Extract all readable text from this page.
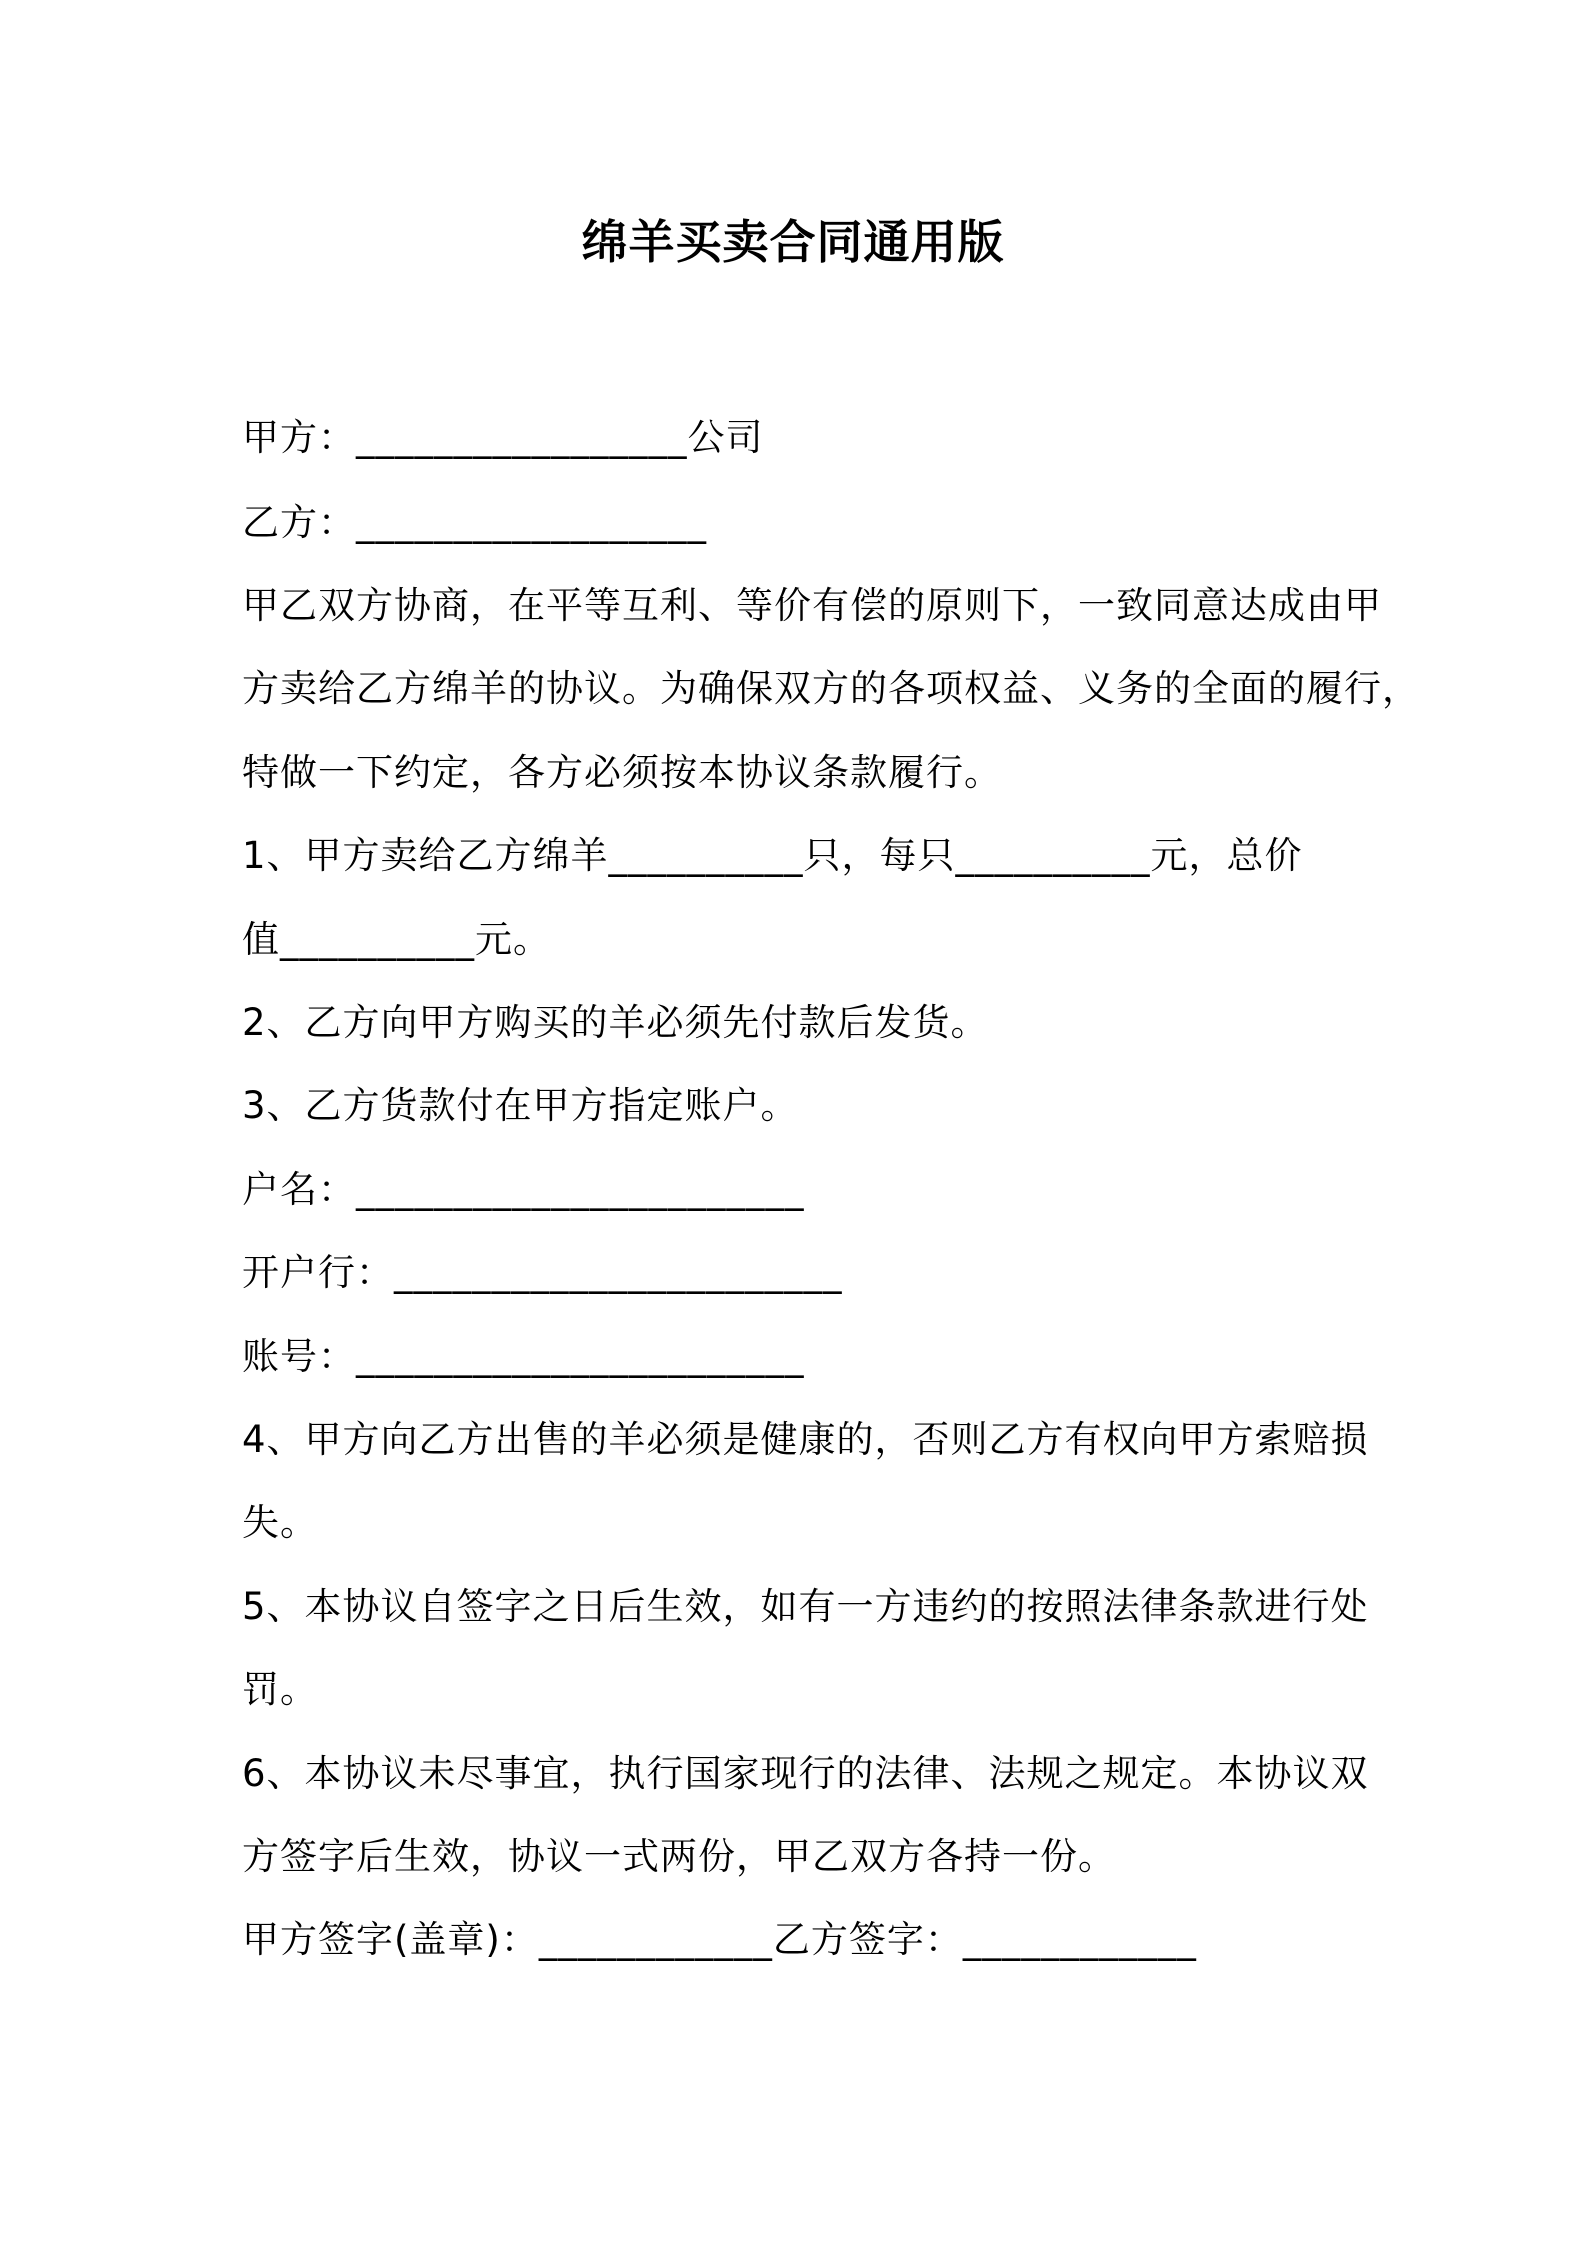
绵羊买卖合同通用版
甲方：_________________公司
乙方：__________________
甲乙双方协商，在平等互利、等价有偿的原则下，一致同意达成由甲
方卖给乙方绵羊的协议。为确保双方的各项权益、义务的全面的履行，
特做一下约定，各方必须按本协议条款履行。
1、甲方卖给乙方绵羊__________只，每只__________元，总价
值__________元。
2、乙方向甲方购买的羊必须先付款后发货。
3、乙方货款付在甲方指定账户。
户名：_______________________
开户行：_______________________
账号：_______________________
4、甲方向乙方出售的羊必须是健康的，否则乙方有权向甲方索赔损
失。
5、本协议自签字之日后生效，如有一方违约的按照法律条款进行处
罚。
6、本协议未尽事宜，执行国家现行的法律、法规之规定。本协议双
方签字后生效，协议一式两份，甲乙双方各持一份。
甲方签字(盖章)：____________乙方签字：____________
